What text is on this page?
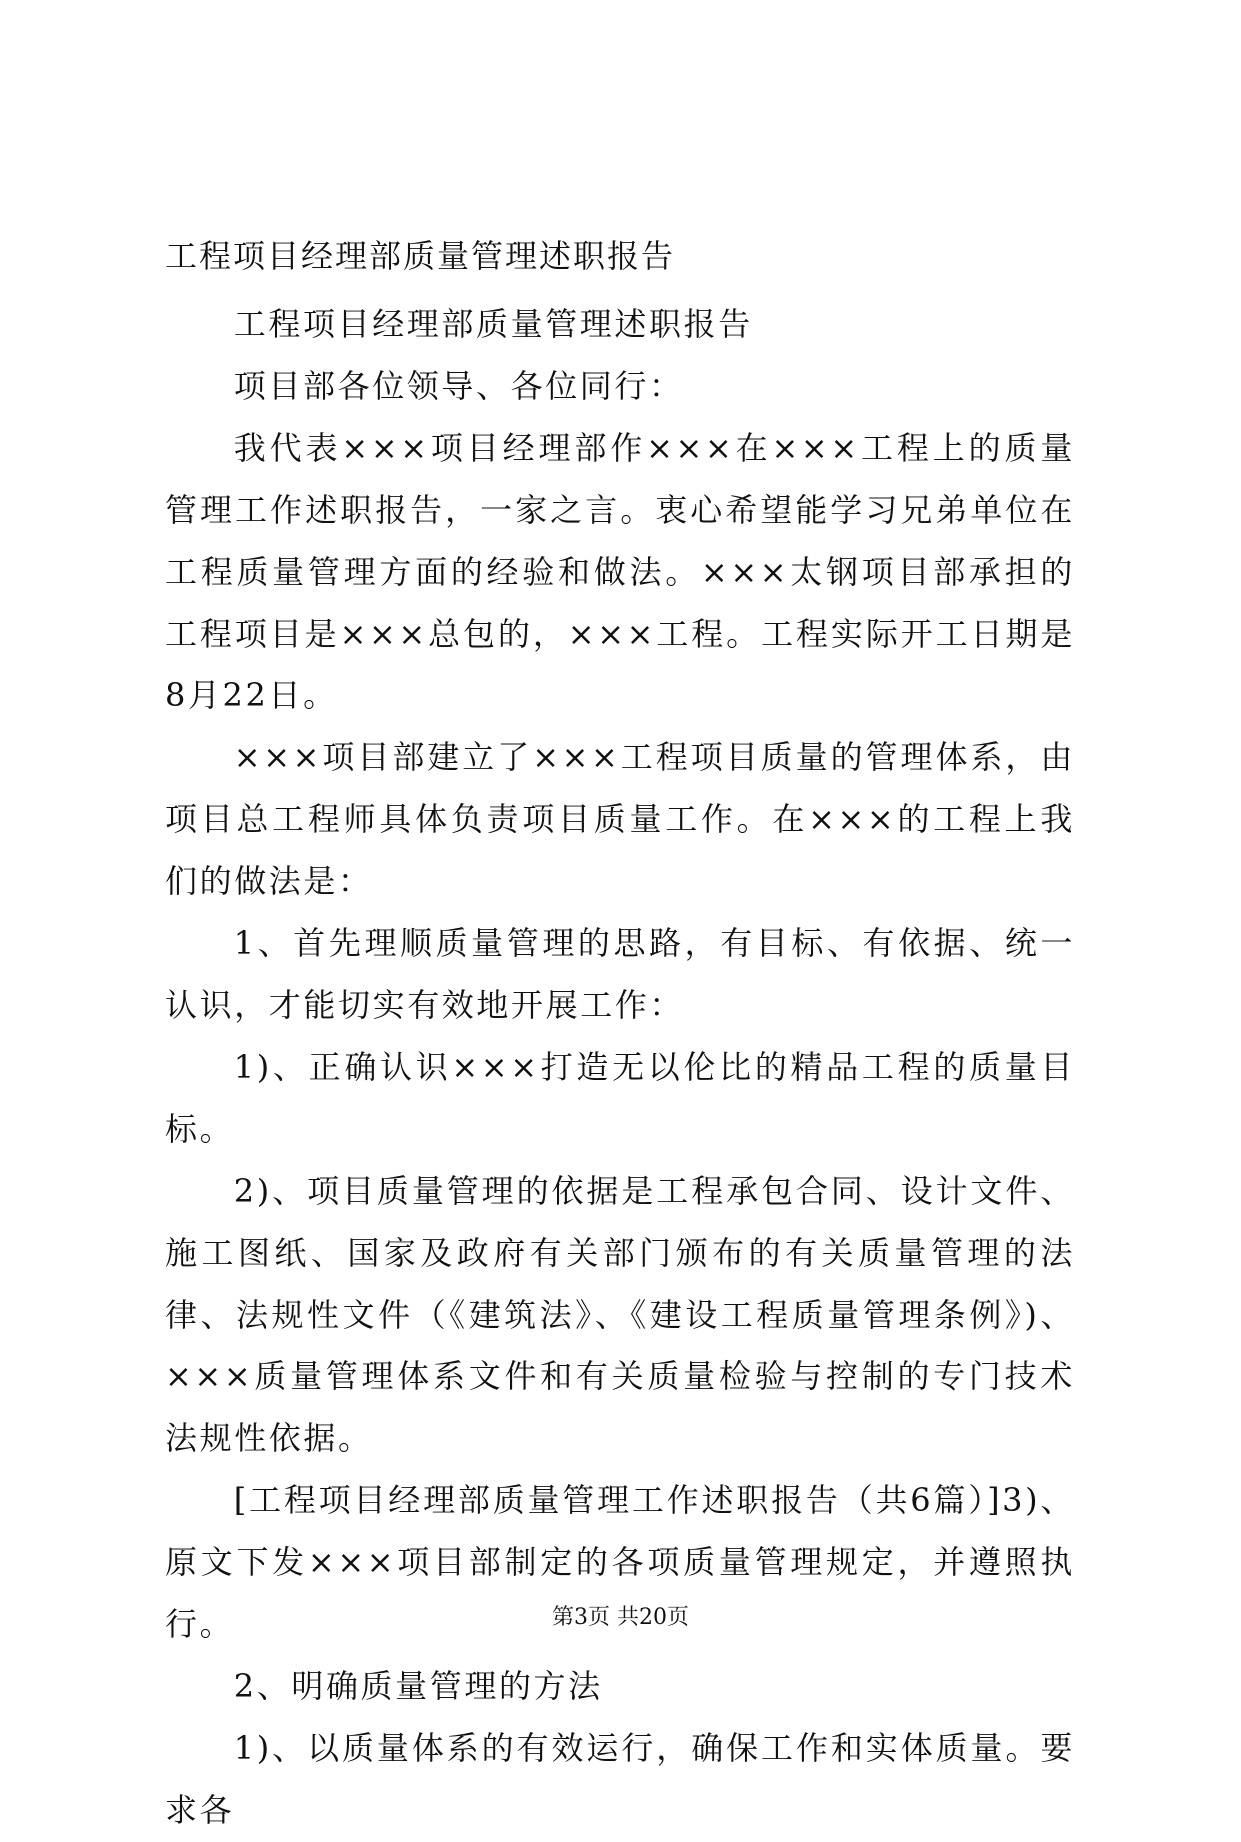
工程项目经理部质量管理述职报告

工程项目经理部质量管理述职报告

项目部各位领导、各位同行：

我代表×××项目经理部作×××在×××工程上的质量管理工作述职报告，一家之言。衷心希望能学习兄弟单位在工程质量管理方面的经验和做法。×××太钢项目部承担的工程项目是×××总包的，×××工程。工程实际开工日期是8月22日。

×××项目部建立了×××工程项目质量的管理体系，由项目总工程师具体负责项目质量工作。在×××的工程上我们的做法是：

1、首先理顺质量管理的思路，有目标、有依据、统一认识，才能切实有效地开展工作：

1)、正确认识×××打造无以伦比的精品工程的质量目标。

2)、项目质量管理的依据是工程承包合同、设计文件、施工图纸、国家及政府有关部门颁布的有关质量管理的法律、法规性文件（《建筑法》、《建设工程质量管理条例》)、×××质量管理体系文件和有关质量检验与控制的专门技术法规性依据。

[工程项目经理部质量管理工作述职报告（共6篇）]3)、原文下发×××项目部制定的各项质量管理规定，并遵照执行。

2、明确质量管理的方法

1)、以质量体系的有效运行，确保工作和实体质量。要求各

第3页 共20页
